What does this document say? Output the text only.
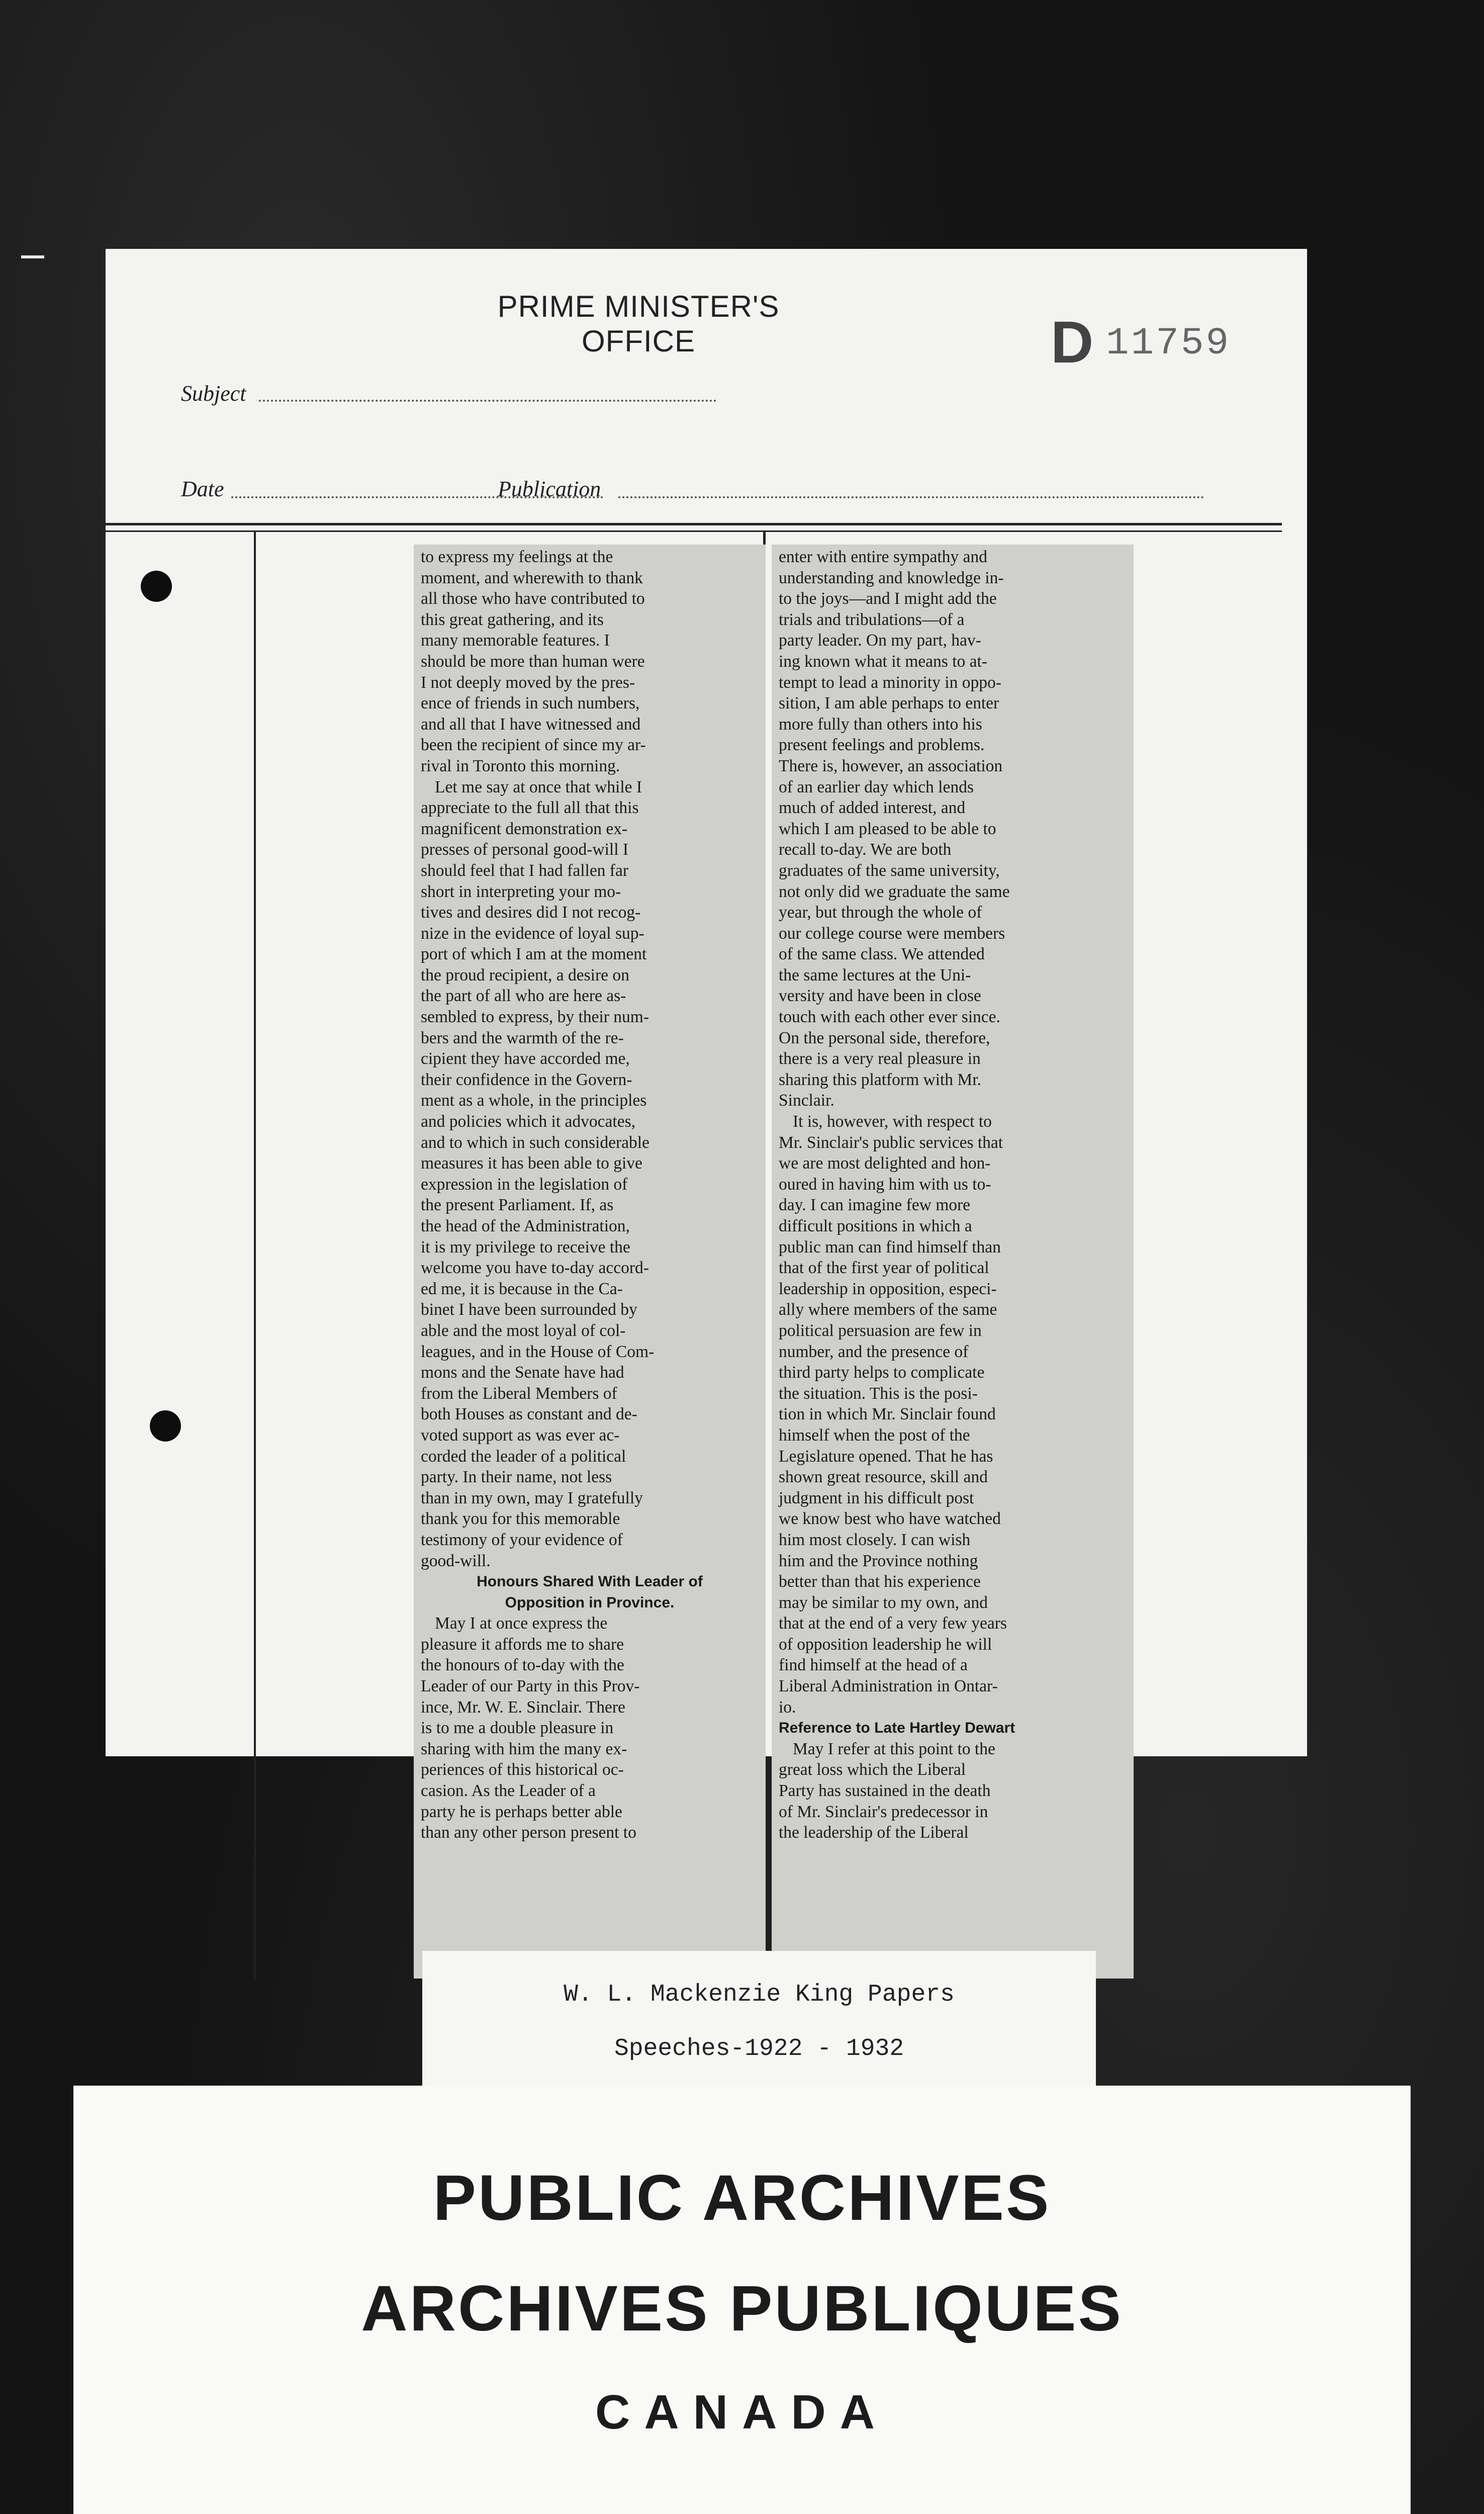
PRIME MINISTER'S OFFICE	D 11759
Subject
Date	Publication

to express my feelings at the
moment, and wherewith to thank
all those who have contributed to
this great gathering, and its
many memorable features. I
should be more than human were
I not deeply moved by the pres-
ence of friends in such numbers,
and all that I have witnessed and
been the recipient of since my ar-
rival in Toronto this morning.

Let me say at once that while I
appreciate to the full all that this
magnificent demonstration ex-
presses of personal good-will I
should feel that I had fallen far
short in interpreting your mo-
tives and desires did I not recog-
nize in the evidence of loyal sup-
port of which I am at the moment
the proud recipient, a desire on
the part of all who are here as-
sembled to express, by their num-
bers and the warmth of the re-
cipient they have accorded me,
their confidence in the Govern-
ment as a whole, in the principles
and policies which it advocates,
and to which in such considerable
measures it has been able to give
expression in the legislation of
the present Parliament. If, as
the head of the Administration,
it is my privilege to receive the
welcome you have to-day accord-
ed me, it is because in the Ca-
binet I have been surrounded by
able and the most loyal of col-
leagues, and in the House of Com-
mons and the Senate have had
from the Liberal Members of
both Houses as constant and de-
voted support as was ever ac-
corded the leader of a political
party. In their name, not less
than in my own, may I gratefully
thank you for this memorable
testimony of your evidence of
good-will.

Honours Shared With Leader of
Opposition in Province.

May I at once express the
pleasure it affords me to share
the honours of to-day with the
Leader of our Party in this Prov-
ince, Mr. W. E. Sinclair. There
is to me a double pleasure in
sharing with him the many ex-
periences of this historical oc-
casion. As the Leader of a
party he is perhaps better able
than any other person present to

enter with entire sympathy and
understanding and knowledge in-
to the joys—and I might add the
trials and tribulations—of a
party leader. On my part, hav-
ing known what it means to at-
tempt to lead a minority in oppo-
sition, I am able perhaps to enter
more fully than others into his
present feelings and problems.
There is, however, an association
of an earlier day which lends
much of added interest, and
which I am pleased to be able to
recall to-day. We are both
graduates of the same university,
not only did we graduate the same
year, but through the whole of
our college course were members
of the same class. We attended
the same lectures at the Uni-
versity and have been in close
touch with each other ever since.
On the personal side, therefore,
there is a very real pleasure in
sharing this platform with Mr.
Sinclair.

It is, however, with respect to
Mr. Sinclair's public services that
we are most delighted and hon-
oured in having him with us to-
day. I can imagine few more
difficult positions in which a
public man can find himself than
that of the first year of political
leadership in opposition, especi-
ally where members of the same
political persuasion are few in
number, and the presence of
third party helps to complicate
the situation. This is the posi-
tion in which Mr. Sinclair found
himself when the post of the
Legislature opened. That he has
shown great resource, skill and
judgment in his difficult post
we know best who have watched
him most closely. I can wish
him and the Province nothing
better than that his experience
may be similar to my own, and
that at the end of a very few years
of opposition leadership he will
find himself at the head of a
Liberal Administration in Ontar-
io.

Reference to Late Hartley Dewart

May I refer at this point to the
great loss which the Liberal
Party has sustained in the death
of Mr. Sinclair's predecessor in
the leadership of the Liberal

W. L. Mackenzie King Papers
Speeches-1922 - 1932
PUBLIC ARCHIVES
ARCHIVES PUBLIQUES
CANADA
